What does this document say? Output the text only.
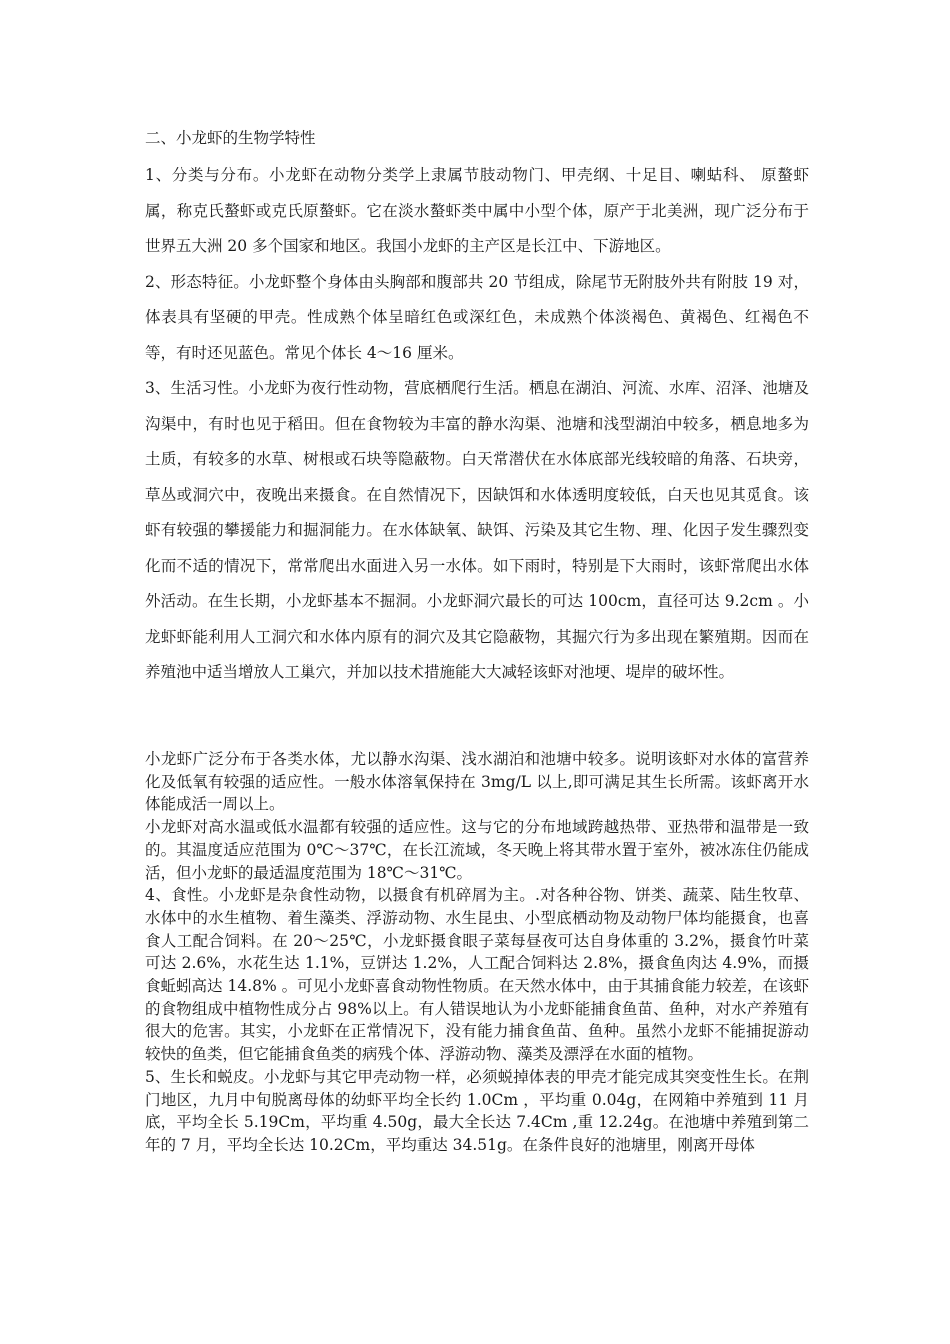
二、小龙虾的生物学特性

1、分类与分布。小龙虾在动物分类学上隶属节肢动物门、甲壳纲、十足目、喇蛄科、 原螯虾属，称克氏螯虾或克氏原螯虾。它在淡水螯虾类中属中小型个体，原产于北美洲，现广泛分布于世界五大洲 20 多个国家和地区。我国小龙虾的主产区是长江中、下游地区。

2、形态特征。小龙虾整个身体由头胸部和腹部共 20 节组成，除尾节无附肢外共有附肢 19 对，体表具有坚硬的甲壳。性成熟个体呈暗红色或深红色，未成熟个体淡褐色、黄褐色、红褐色不等，有时还见蓝色。常见个体长 4～16 厘米。

3、生活习性。小龙虾为夜行性动物，营底栖爬行生活。栖息在湖泊、河流、水库、沼泽、池塘及沟渠中，有时也见于稻田。但在食物较为丰富的静水沟渠、池塘和浅型湖泊中较多，栖息地多为土质，有较多的水草、树根或石块等隐蔽物。白天常潜伏在水体底部光线较暗的角落、石块旁，草丛或洞穴中，夜晚出来摄食。在自然情况下，因缺饵和水体透明度较低，白天也见其觅食。该虾有较强的攀援能力和掘洞能力。在水体缺氧、缺饵、污染及其它生物、理、化因子发生骤烈变化而不适的情况下，常常爬出水面进入另一水体。如下雨时，特别是下大雨时，该虾常爬出水体外活动。在生长期，小龙虾基本不掘洞。小龙虾洞穴最长的可达 100cm，直径可达 9.2cm 。小龙虾虾能利用人工洞穴和水体内原有的洞穴及其它隐蔽物，其掘穴行为多出现在繁殖期。因而在养殖池中适当增放人工巢穴，并加以技术措施能大大减轻该虾对池埂、堤岸的破坏性。

小龙虾广泛分布于各类水体，尤以静水沟渠、浅水湖泊和池塘中较多。说明该虾对水体的富营养化及低氧有较强的适应性。一般水体溶氧保持在 3mg/L 以上,即可满足其生长所需。该虾离开水体能成活一周以上。

小龙虾对高水温或低水温都有较强的适应性。这与它的分布地域跨越热带、亚热带和温带是一致的。其温度适应范围为 0℃～37℃，在长江流域，冬天晚上将其带水置于室外，被冰冻住仍能成活，但小龙虾的最适温度范围为 18℃～31℃。

4、食性。小龙虾是杂食性动物，以摄食有机碎屑为主。.对各种谷物、饼类、蔬菜、陆生牧草、水体中的水生植物、着生藻类、浮游动物、水生昆虫、小型底栖动物及动物尸体均能摄食，也喜食人工配合饲料。在 20～25℃，小龙虾摄食眼子菜每昼夜可达自身体重的 3.2%，摄食竹叶菜可达 2.6%，水花生达 1.1%，豆饼达 1.2%，人工配合饲料达 2.8%，摄食鱼肉达 4.9%，而摄食蚯蚓高达 14.8% 。可见小龙虾喜食动物性物质。在天然水体中，由于其捕食能力较差，在该虾的食物组成中植物性成分占 98%以上。有人错误地认为小龙虾能捕食鱼苗、鱼种，对水产养殖有很大的危害。其实，小龙虾在正常情况下，没有能力捕食鱼苗、鱼种。虽然小龙虾不能捕捉游动较快的鱼类，但它能捕食鱼类的病残个体、浮游动物、藻类及漂浮在水面的植物。

5、生长和蜕皮。小龙虾与其它甲壳动物一样，必须蜕掉体表的甲壳才能完成其突变性生长。在荆门地区，九月中旬脱离母体的幼虾平均全长约 1.0Cm ，平均重 0.04g，在网箱中养殖到 11 月底，平均全长 5.19Cm，平均重 4.50g，最大全长达 7.4Cm ,重 12.24g。在池塘中养殖到第二年的 7 月，平均全长达 10.2Cm，平均重达 34.51g。在条件良好的池塘里，刚离开母体
